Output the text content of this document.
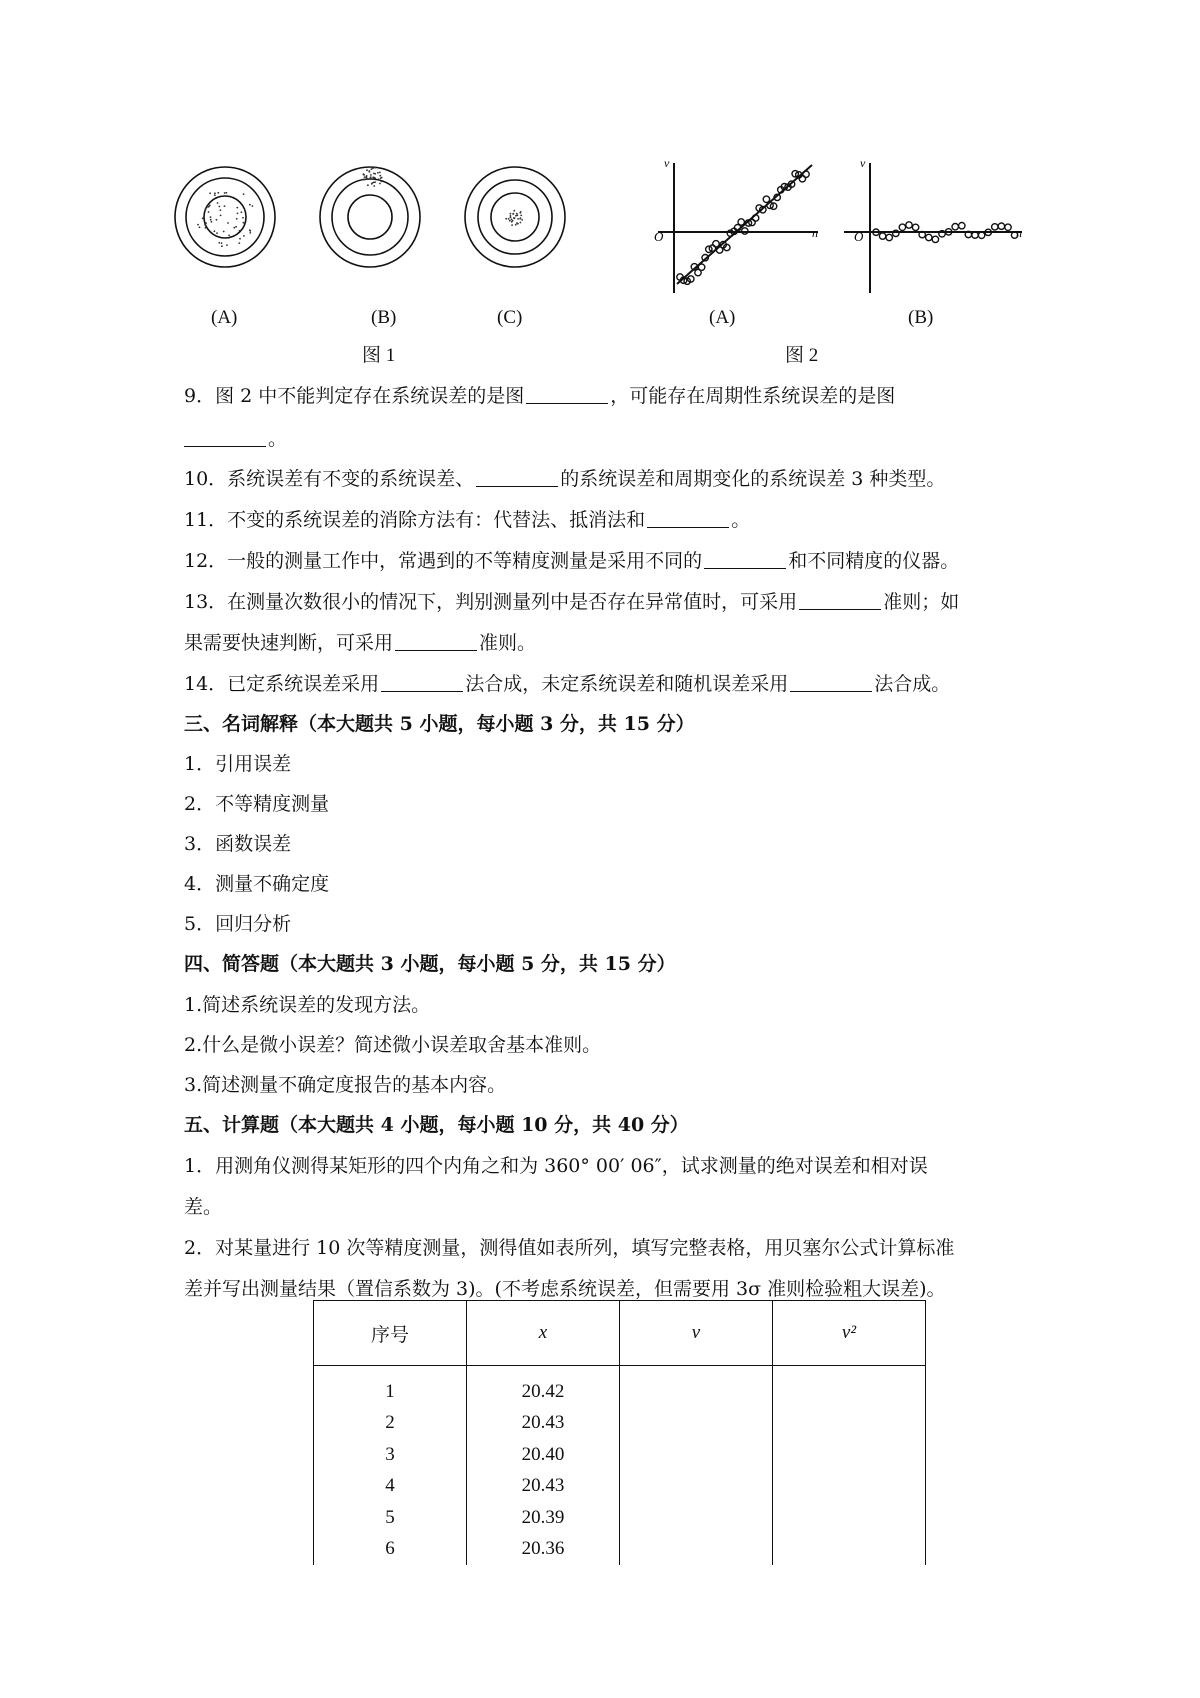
(A)	(B)	(C)
图 1
v
n
O
v
n
O
(A)	(B)
图 2
9．图 2 中不能判定存在系统误差的是图	，可能存在周期性系统误差的是图
。
10．系统误差有不变的系统误差、	的系统误差和周期变化的系统误差 3 种类型。
11．不变的系统误差的消除方法有：代替法、抵消法和	。
12．一般的测量工作中，常遇到的不等精度测量是采用不同的	和不同精度的仪器。
13．在测量次数很小的情况下，判别测量列中是否存在异常值时，可采用	准则；如
果需要快速判断，可采用	准则。
14．已定系统误差采用	法合成，未定系统误差和随机误差采用	法合成。
三、名词解释（本大题共 5 小题，每小题 3 分，共 15 分）
1．引用误差
2．不等精度测量
3．函数误差
4．测量不确定度
5．回归分析
四、简答题（本大题共 3 小题，每小题 5 分，共 15 分）
1.简述系统误差的发现方法。
2.什么是微小误差？简述微小误差取舍基本准则。
3.简述测量不确定度报告的基本内容。
五、计算题（本大题共 4 小题，每小题 10 分，共 40 分）
1．用测角仪测得某矩形的四个内角之和为 360° 00′ 06″，试求测量的绝对误差和相对误
差。
2．对某量进行 10 次等精度测量，测得值如表所列，填写完整表格，用贝塞尔公式计算标准
差并写出测量结果（置信系数为 3)。(不考虑系统误差，但需要用 3σ 准则检验粗大误差)。
序号	x	v	v²
1	20.42		
2	20.43		
3	20.40		
4	20.43		
5	20.39		
6	20.36		
